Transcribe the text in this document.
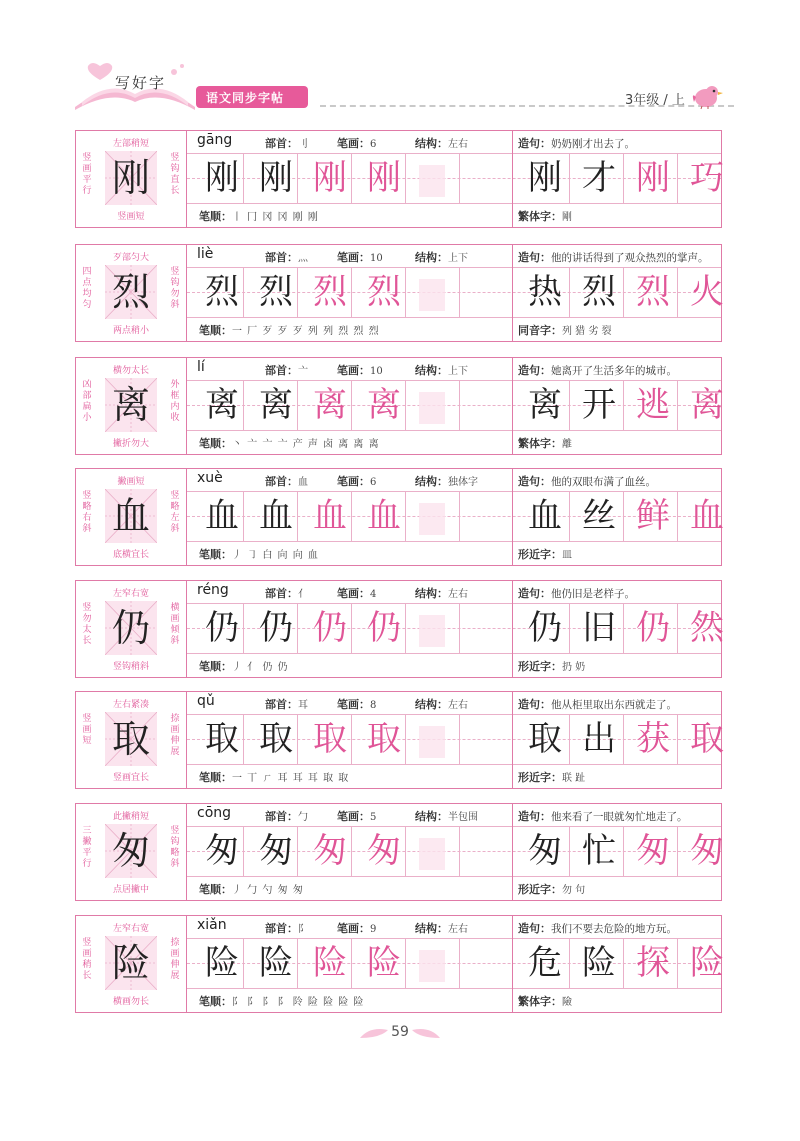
写好字
语文同步字帖	3年级 / 上
左部稍短
竖画平行
竖钩直长
竖画短
刚
gāng	部首：刂	笔画：6	结构：左右	造句：奶奶刚才出去了。
刚 刚 刚 刚	刚 才 刚 巧
笔顺：丨 冂 冈 冈 刚 刚	繁体字：剛
歹部匀大
四点均匀
竖钩勿斜
两点稍小
烈
liè	部首：灬	笔画：10	结构：上下	造句：他的讲话得到了观众热烈的掌声。
烈 烈 烈 烈	热 烈 烈 火
笔顺：一 厂 歹 歹 歹 列 列 烈 烈 烈	同音字：列 猎 劣 裂
横勿太长
凶部扁小
外框内收
撇折勿大
离
lí	部首：亠	笔画：10	结构：上下	造句：她离开了生活多年的城市。
离 离 离 离	离 开 逃 离
笔顺：丶 亠 亠 亠 产 声 卤 离 离 离	繁体字：離
撇画短
竖略右斜
竖略左斜
底横宜长
血
xuè	部首：血	笔画：6	结构：独体字	造句：他的双眼布满了血丝。
血 血 血 血	血 丝 鲜 血
笔顺：丿 ㇆ 白 向 向 血	形近字：皿
左窄右宽
竖勿太长
横画倾斜
竖钩稍斜
仍
réng	部首：亻	笔画：4	结构：左右	造句：他仍旧是老样子。
仍 仍 仍 仍	仍 旧 仍 然
笔顺：丿 亻 仍 仍	形近字：扔 奶
左右紧凑
竖画短
捺画伸展
竖画宜长
取
qǔ	部首：耳	笔画：8	结构：左右	造句：他从柜里取出东西就走了。
取 取 取 取	取 出 获 取
笔顺：一 丅 ㄏ 耳 耳 耳 取 取	形近字：联 趾
此撇稍短
三撇平行
竖钩略斜
点居撇中
匆
cōng	部首：勹	笔画：5	结构：半包围	造句：他来看了一眼就匆忙地走了。
匆 匆 匆 匆	匆 忙 匆 匆
笔顺：丿 勹 勺 匆 匆	形近字：勿 句
左窄右宽
竖画稍长
捺画伸展
横画勿长
险
xiǎn	部首：阝	笔画：9	结构：左右	造句：我们不要去危险的地方玩。
险 险 险 险	危 险 探 险
笔顺：⻖ 阝 阝 阝 阾 险 险 险 险	繁体字：險
59
